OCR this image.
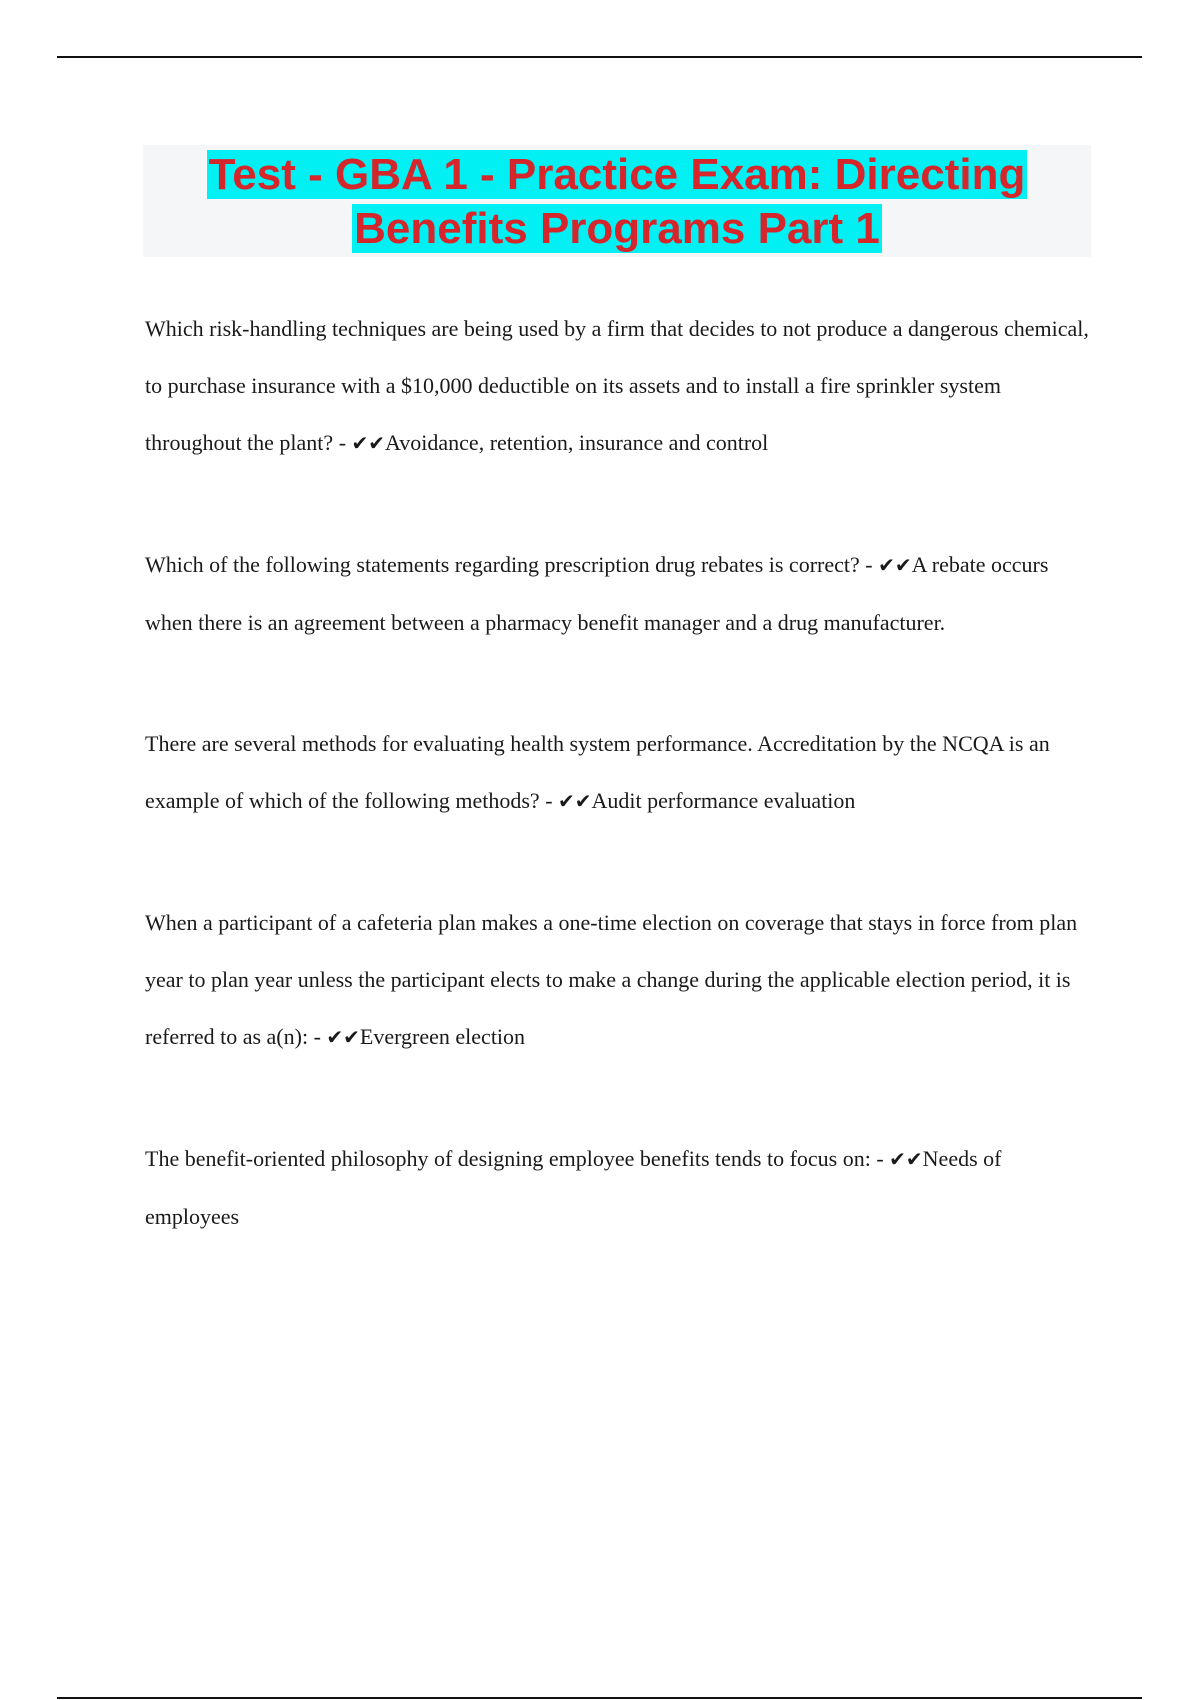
Test - GBA 1 - Practice Exam: Directing
Benefits Programs Part 1

Which risk-handling techniques are being used by a firm that decides to not produce a dangerous chemical, to purchase insurance with a $10,000 deductible on its assets and to install a fire sprinkler system throughout the plant? - ✔✔Avoidance, retention, insurance and control

Which of the following statements regarding prescription drug rebates is correct? - ✔✔A rebate occurs when there is an agreement between a pharmacy benefit manager and a drug manufacturer.

There are several methods for evaluating health system performance. Accreditation by the NCQA is an example of which of the following methods? - ✔✔Audit performance evaluation

When a participant of a cafeteria plan makes a one-time election on coverage that stays in force from plan year to plan year unless the participant elects to make a change during the applicable election period, it is referred to as a(n): - ✔✔Evergreen election

The benefit-oriented philosophy of designing employee benefits tends to focus on: - ✔✔Needs of employees
